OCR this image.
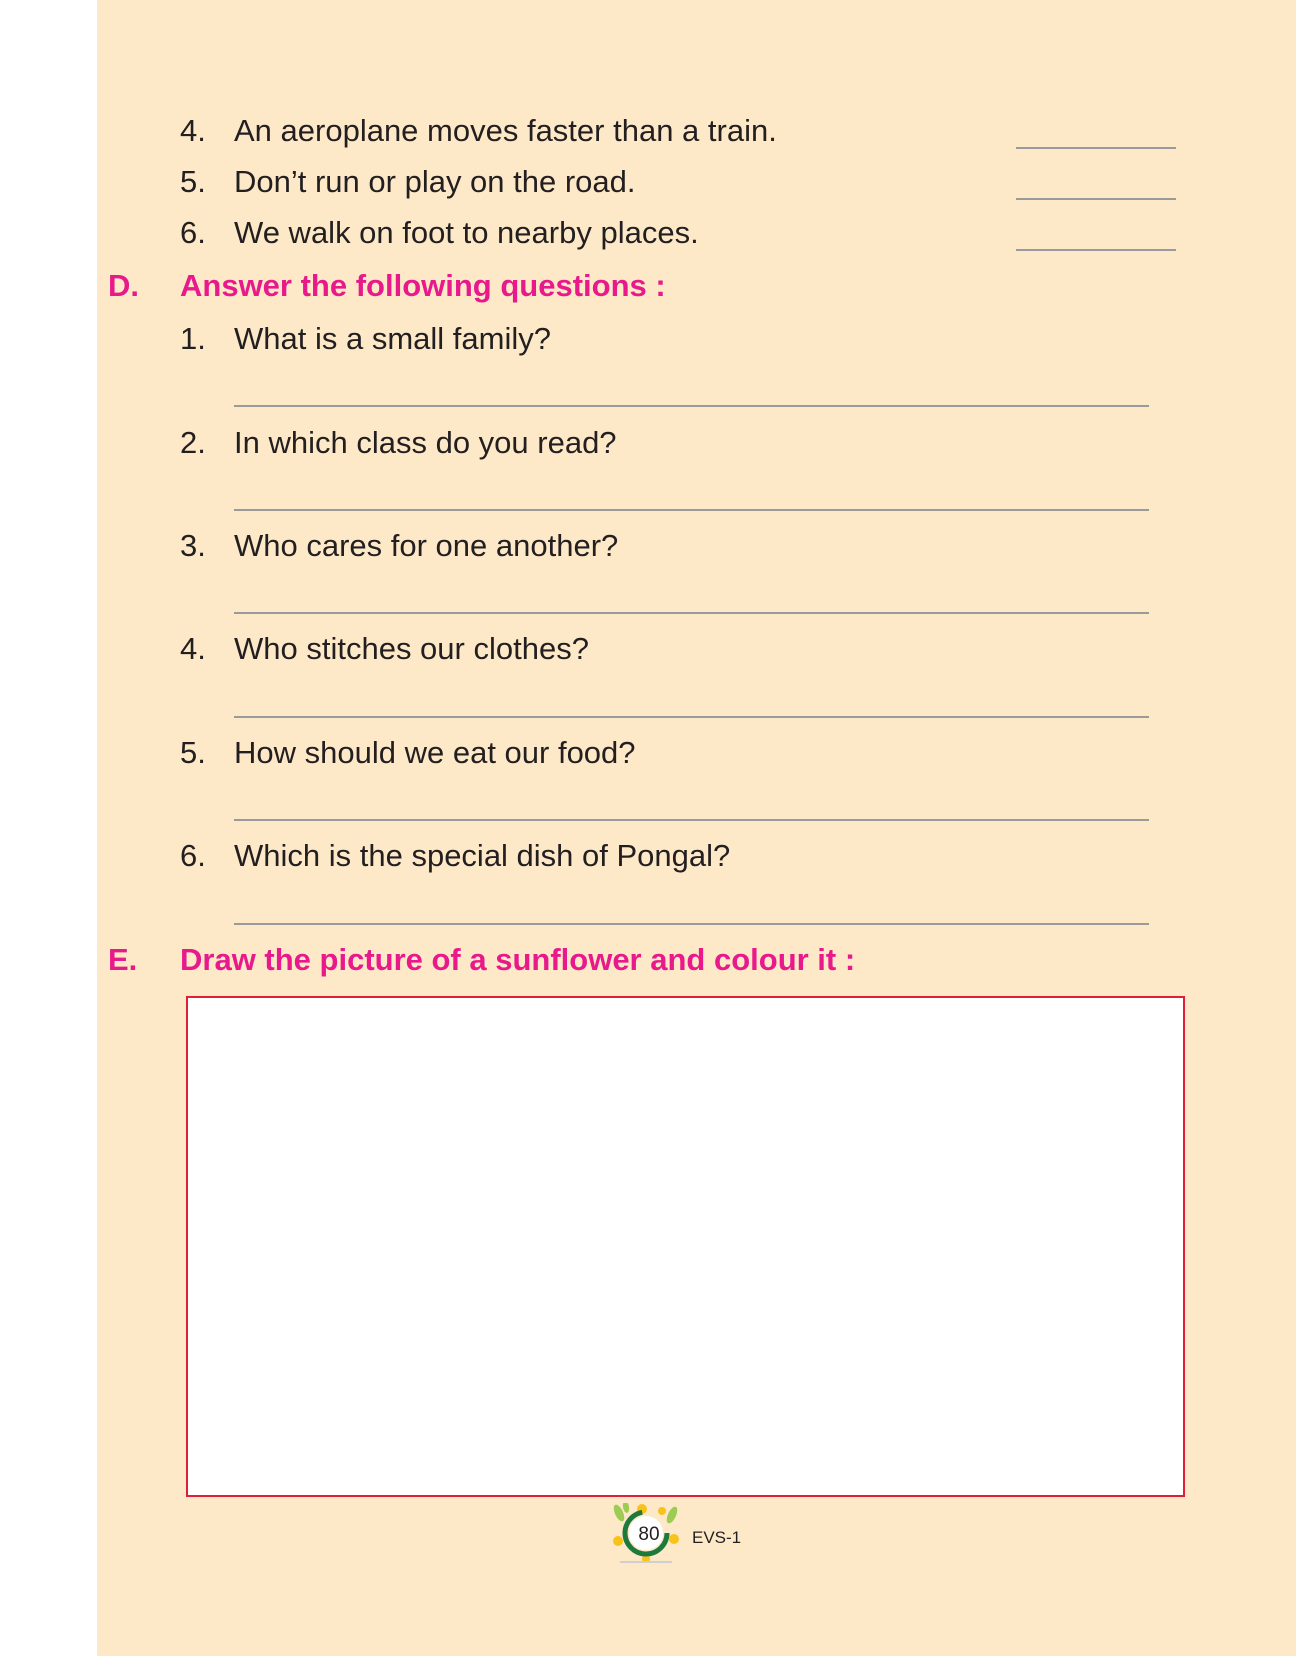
4. An aeroplane moves faster than a train.
5. Don’t run or play on the road.
6. We walk on foot to nearby places.
D. Answer the following questions :
1. What is a small family?
2. In which class do you read?
3. Who cares for one another?
4. Who stitches our clothes?
5. How should we eat our food?
6. Which is the special dish of Pongal?
E. Draw the picture of a sunflower and colour it :
80	EVS-1
